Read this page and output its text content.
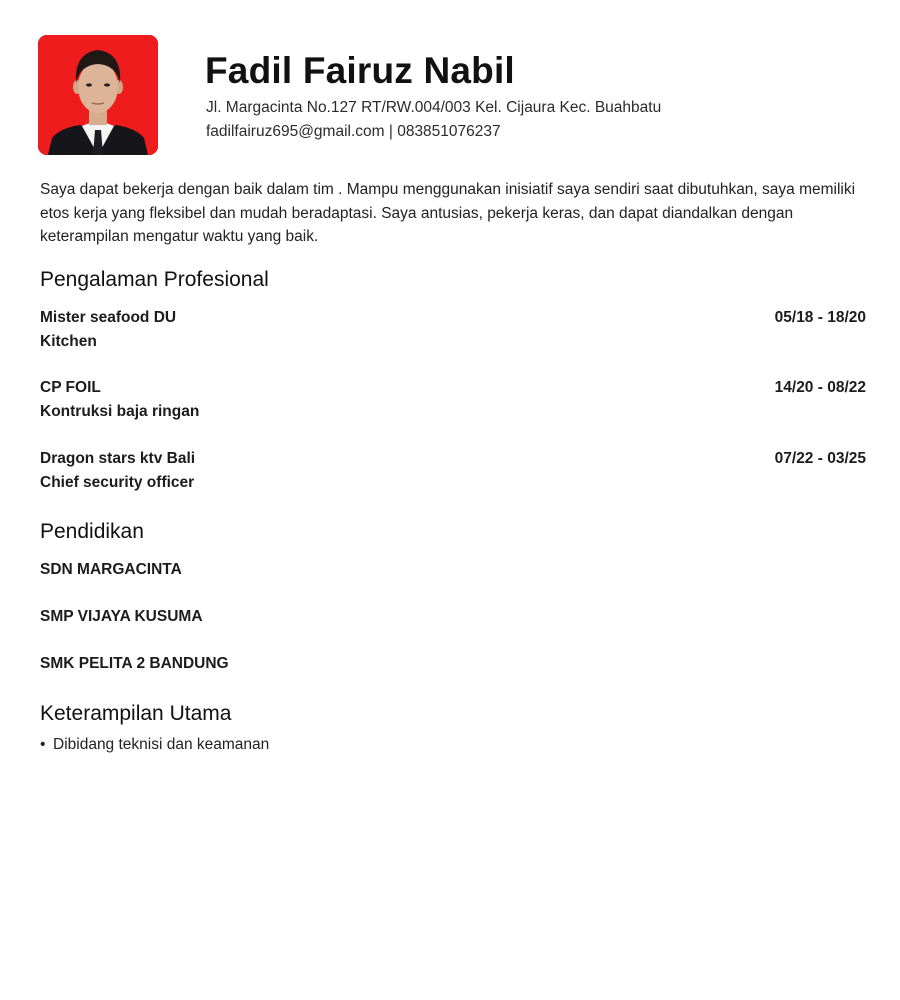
Fadil Fairuz Nabil
Jl. Margacinta No.127 RT/RW.004/003 Kel. Cijaura Kec. Buahbatu
fadilfairuz695@gmail.com | 083851076237
Saya dapat bekerja dengan baik dalam tim . Mampu menggunakan inisiatif saya sendiri saat dibutuhkan, saya memiliki etos kerja yang fleksibel dan mudah beradaptasi. Saya antusias, pekerja keras, dan dapat diandalkan dengan keterampilan mengatur waktu yang baik.
Pengalaman Profesional
Mister seafood DU	05/18 - 18/20
Kitchen
CP FOIL	14/20 - 08/22
Kontruksi baja ringan
Dragon stars ktv Bali	07/22 - 03/25
Chief security officer
Pendidikan
SDN MARGACINTA
SMP VIJAYA KUSUMA
SMK PELITA 2 BANDUNG
Keterampilan Utama
• Dibidang teknisi dan keamanan
